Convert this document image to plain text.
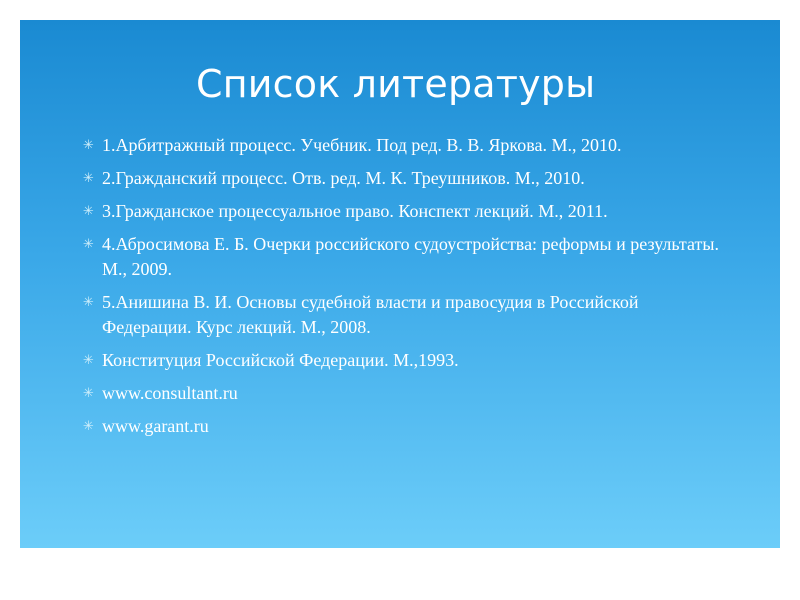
Список литературы
✳ 1.Арбитражный процесс. Учебник. Под ред. В. В. Яркова. М., 2010.
✳ 2.Гражданский процесс. Отв. ред. М. К. Треушников. М., 2010.
✳ 3.Гражданское процессуальное право. Конспект лекций. М., 2011.
✳ 4.Абросимова Е. Б. Очерки российского судоустройства: реформы и результаты. М., 2009.
✳ 5.Анишина В. И. Основы судебной власти и правосудия в Российской Федерации. Курс лекций. М., 2008.
✳ Конституция Российской Федерации. М.,1993.
✳ www.consultant.ru
✳ www.garant.ru
